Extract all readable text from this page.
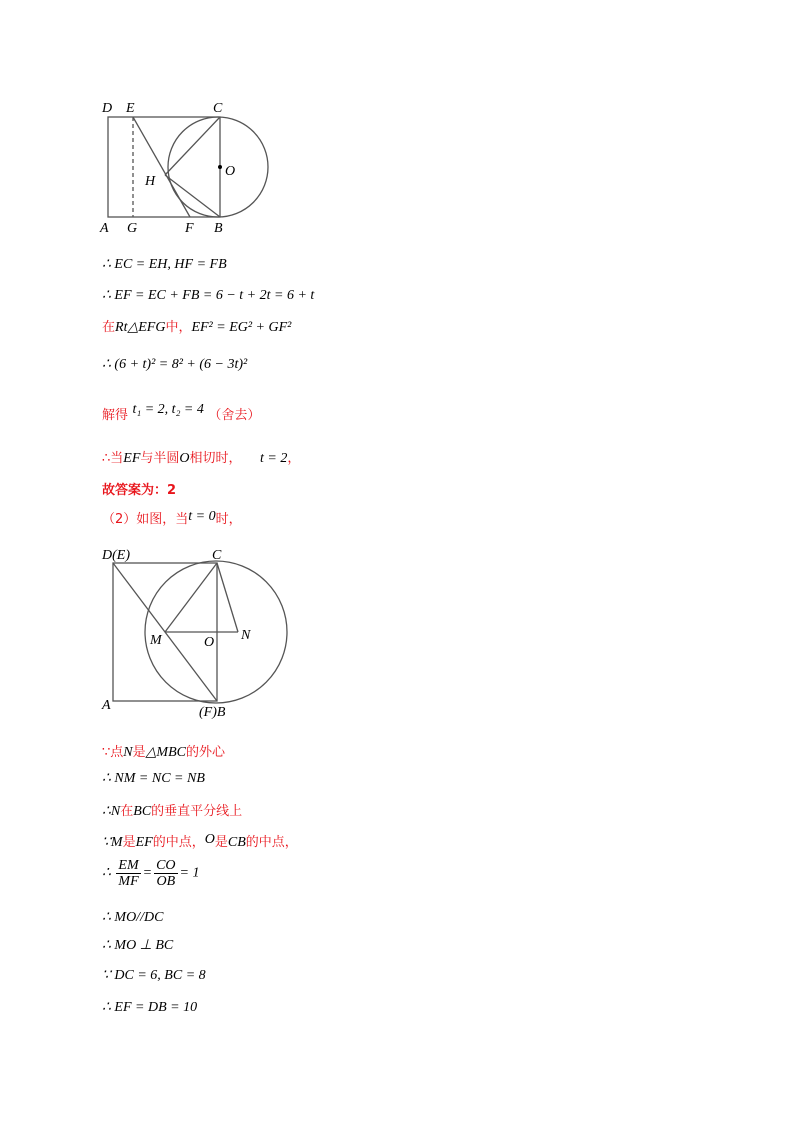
D E	C
O
H
A G	F B
∴ EC = EH, HF = FB
∴ EF = EC + FB = 6 − t + 2t = 6 + t
在Rt△EFG中，EF² = EG² + GF²
∴ (6 + t)² = 8² + (6 − 3t)²
解得 t₁ = 2, t₂ = 4 （舍去）
∴当EF与半圆O相切时， t = 2，
故答案为：2
（2）如图，当t = 0时，
D(E)	C
M	O N
A	(F)B
∵点N是△MBC的外心
∴ NM = NC = NB
∴N在BC的垂直平分线上
∵M是EF的中点，O是CB的中点，
∴ $\frac{EM}{MF} = \frac{CO}{OB} = 1$
∴ MO//DC
∴ MO ⊥ BC
∵ DC = 6, BC = 8
∴ EF = DB = 10
